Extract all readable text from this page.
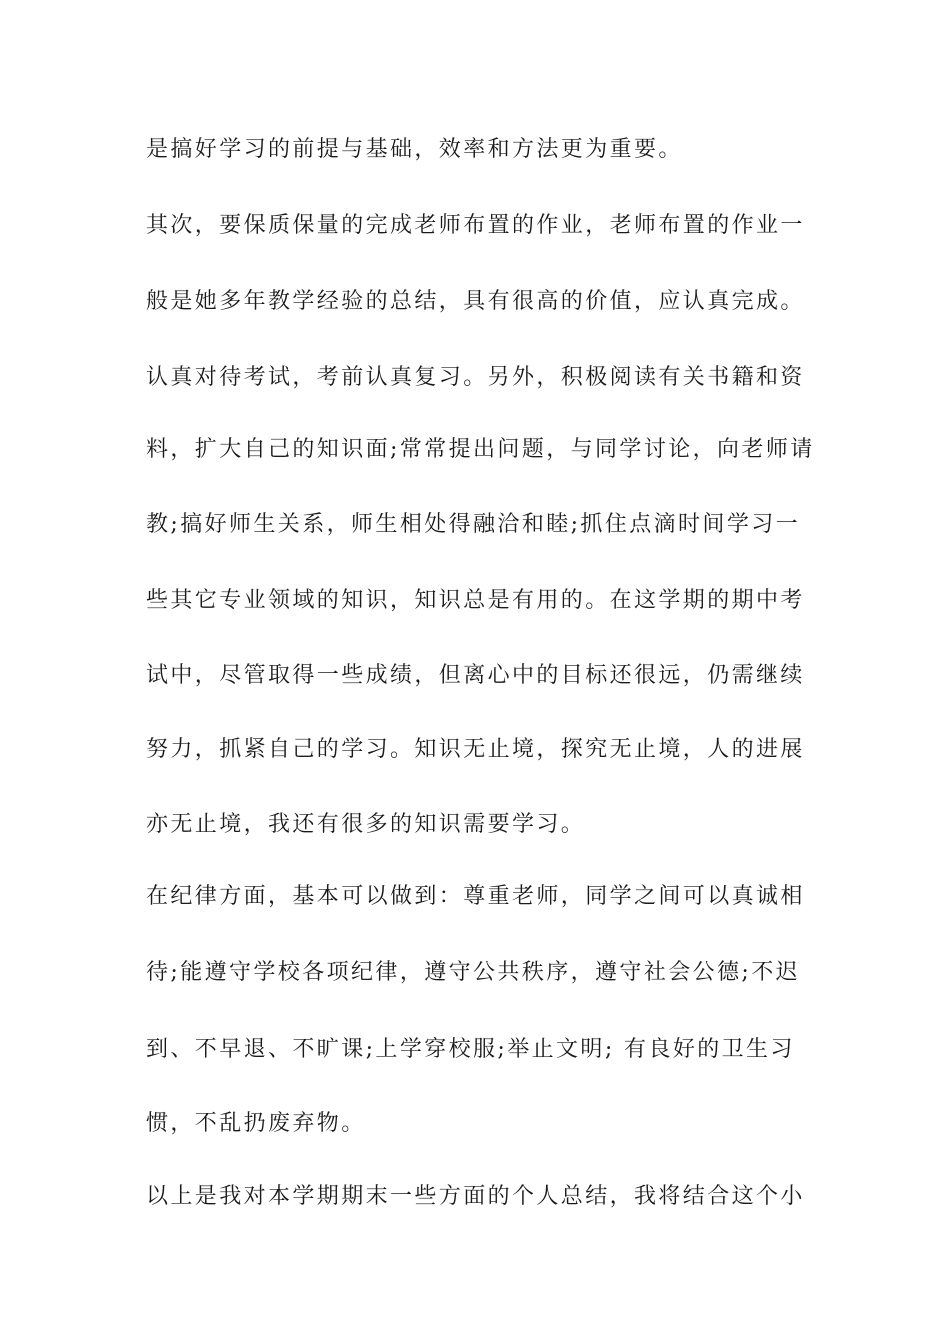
是搞好学习的前提与基础，效率和方法更为重要。
其次，要保质保量的完成老师布置的作业，老师布置的作业一
般是她多年教学经验的总结，具有很高的价值，应认真完成。
认真对待考试，考前认真复习。另外，积极阅读有关书籍和资
料，扩大自己的知识面;常常提出问题，与同学讨论，向老师请
教;搞好师生关系，师生相处得融洽和睦;抓住点滴时间学习一
些其它专业领域的知识，知识总是有用的。在这学期的期中考
试中，尽管取得一些成绩，但离心中的目标还很远，仍需继续
努力，抓紧自己的学习。知识无止境，探究无止境，人的进展
亦无止境，我还有很多的知识需要学习。
在纪律方面，基本可以做到：尊重老师，同学之间可以真诚相
待;能遵守学校各项纪律，遵守公共秩序，遵守社会公德;不迟
到、不早退、不旷课;上学穿校服;举止文明; 有良好的卫生习
惯，不乱扔废弃物。
以上是我对本学期期末一些方面的个人总结，我将结合这个小
